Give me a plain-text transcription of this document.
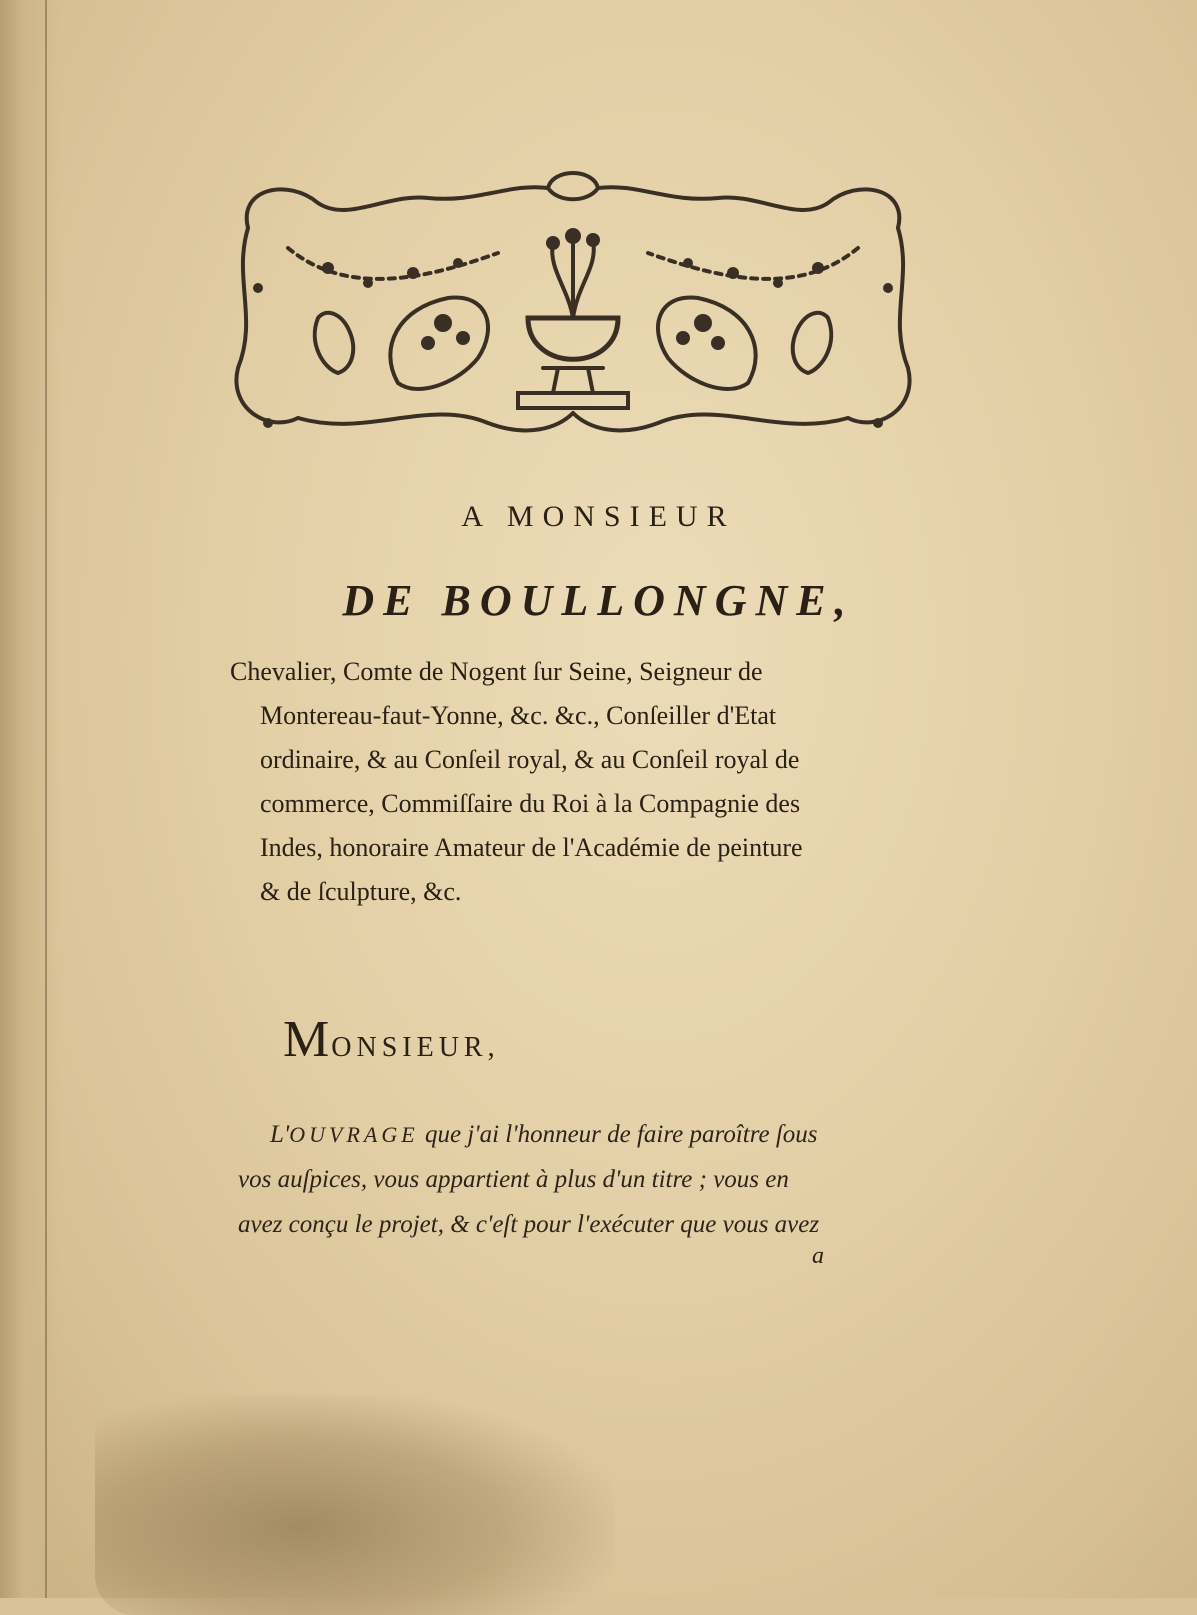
A MONSIEUR
DE BOULLONGNE,
Chevalier, Comte de Nogent ſur Seine, Seigneur de
Montereau-faut-Yonne, &c. &c., Conſeiller d'Etat
ordinaire, & au Conſeil royal, & au Conſeil royal de
commerce, Commiſſaire du Roi à la Compagnie des
Indes, honoraire Amateur de l'Académie de peinture
& de ſculpture, &c.
MONSIEUR,
L'OUVRAGE que j'ai l'honneur de faire paroître ſous
vos auſpices, vous appartient à plus d'un titre ; vous en
avez conçu le projet, & c'eſt pour l'exécuter que vous avez
a
